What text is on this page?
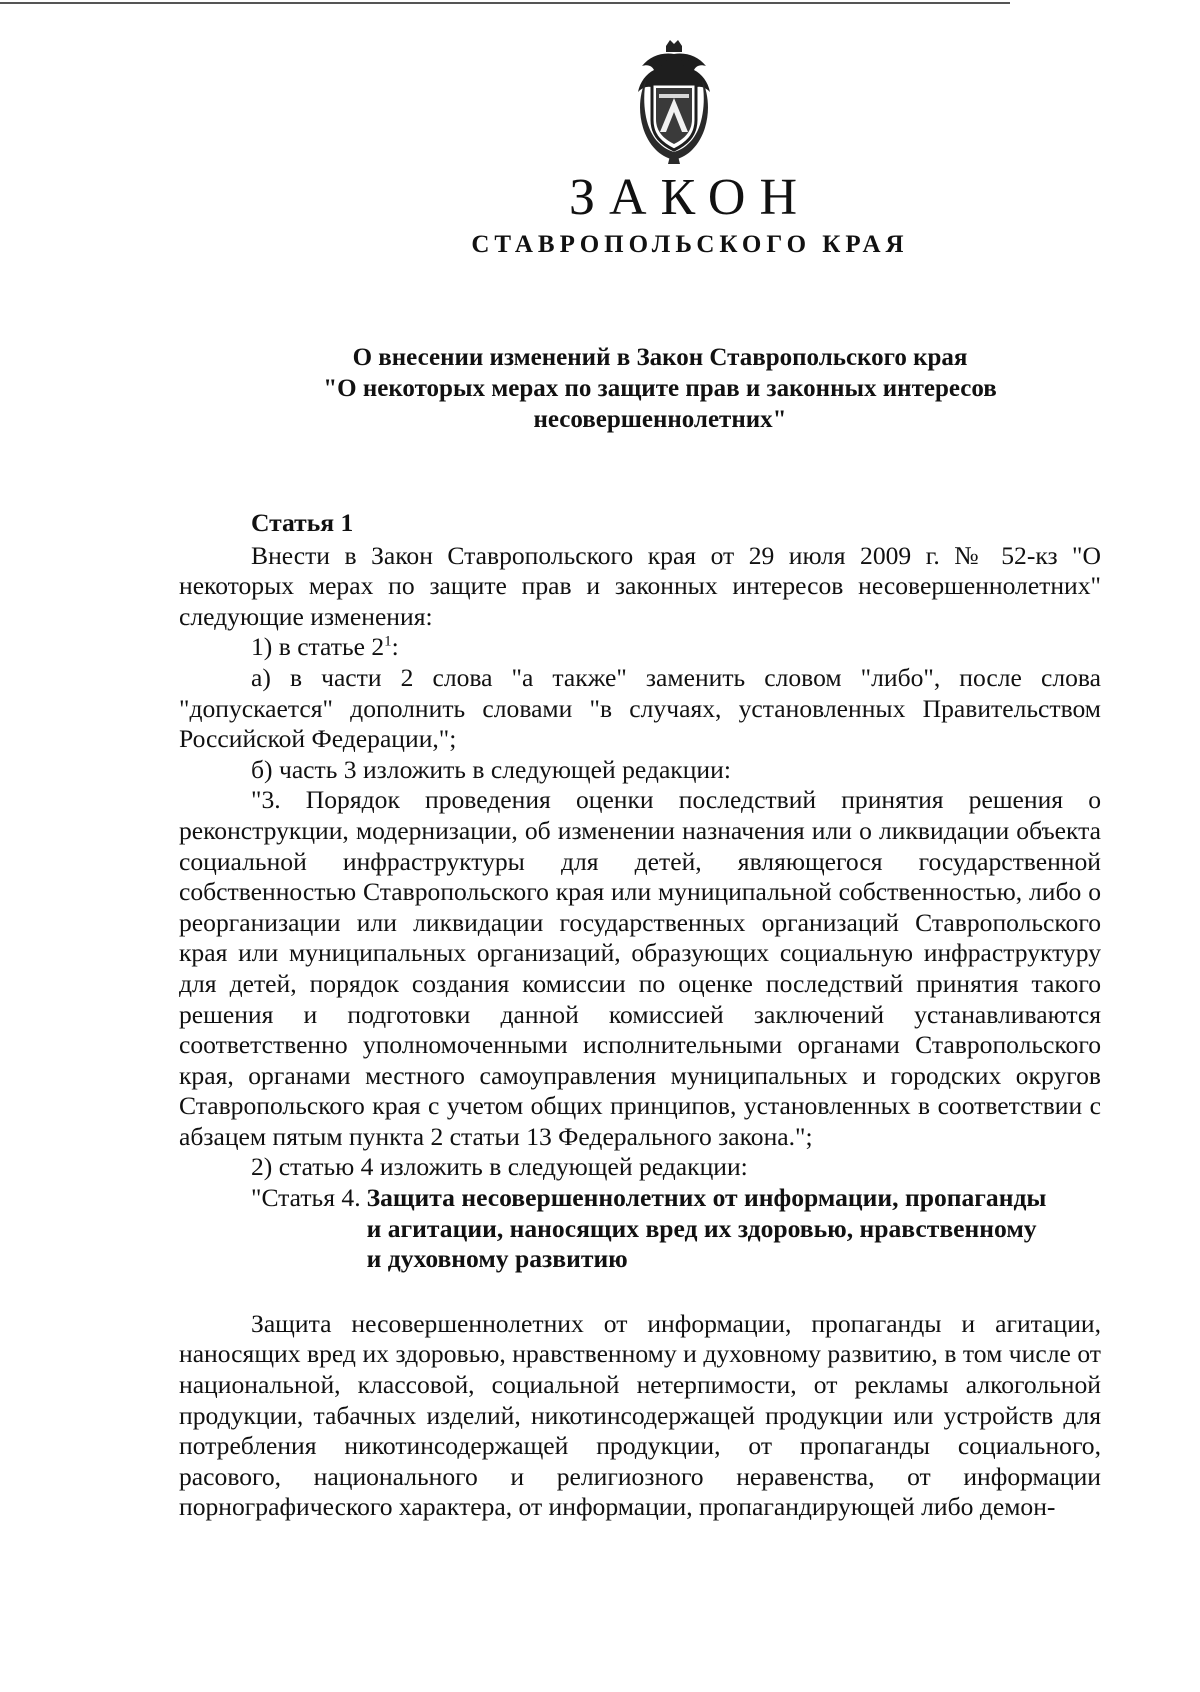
ЗАКОН
СТАВРОПОЛЬСКОГО КРАЯ
О внесении изменений в Закон Ставропольского края
"О некоторых мерах по защите прав и законных интересов
несовершеннолетних"
Статья 1

Внести в Закон Ставропольского края от 29 июля 2009 г. № 52-кз "О некоторых мерах по защите прав и законных интересов несовершеннолетних" следующие изменения:

1) в статье $2^1$:

а) в части 2 слова "а также" заменить словом "либо", после слова "допускается" дополнить словами "в случаях, установленных Правительством Российской Федерации,";

б) часть 3 изложить в следующей редакции:

"3. Порядок проведения оценки последствий принятия решения о реконструкции, модернизации, об изменении назначения или о ликвидации объекта социальной инфраструктуры для детей, являющегося государственной собственностью Ставропольского края или муниципальной собственностью, либо о реорганизации или ликвидации государственных организаций Ставропольского края или муниципальных организаций, образующих социальную инфраструктуру для детей, порядок создания комиссии по оценке последствий принятия такого решения и подготовки данной комиссией заключений устанавливаются соответственно уполномоченными исполнительными органами Ставропольского края, органами местного самоуправления муниципальных и городских округов Ставропольского края с учетом общих принципов, установленных в соответствии с абзацем пятым пункта 2 статьи 13 Федерального закона.";

2) статью 4 изложить в следующей редакции:

"Статья 4. Защита несовершеннолетних от информации, пропаганды и агитации, наносящих вред их здоровью, нравственному и духовному развитию

Защита несовершеннолетних от информации, пропаганды и агитации, наносящих вред их здоровью, нравственному и духовному развитию, в том числе от национальной, классовой, социальной нетерпимости, от рекламы алкогольной продукции, табачных изделий, никотинсодержащей продукции или устройств для потребления никотинсодержащей продукции, от пропаганды социального, расового, национального и религиозного неравенства, от информации порнографического характера, от информации, пропагандирующей либо демон-
